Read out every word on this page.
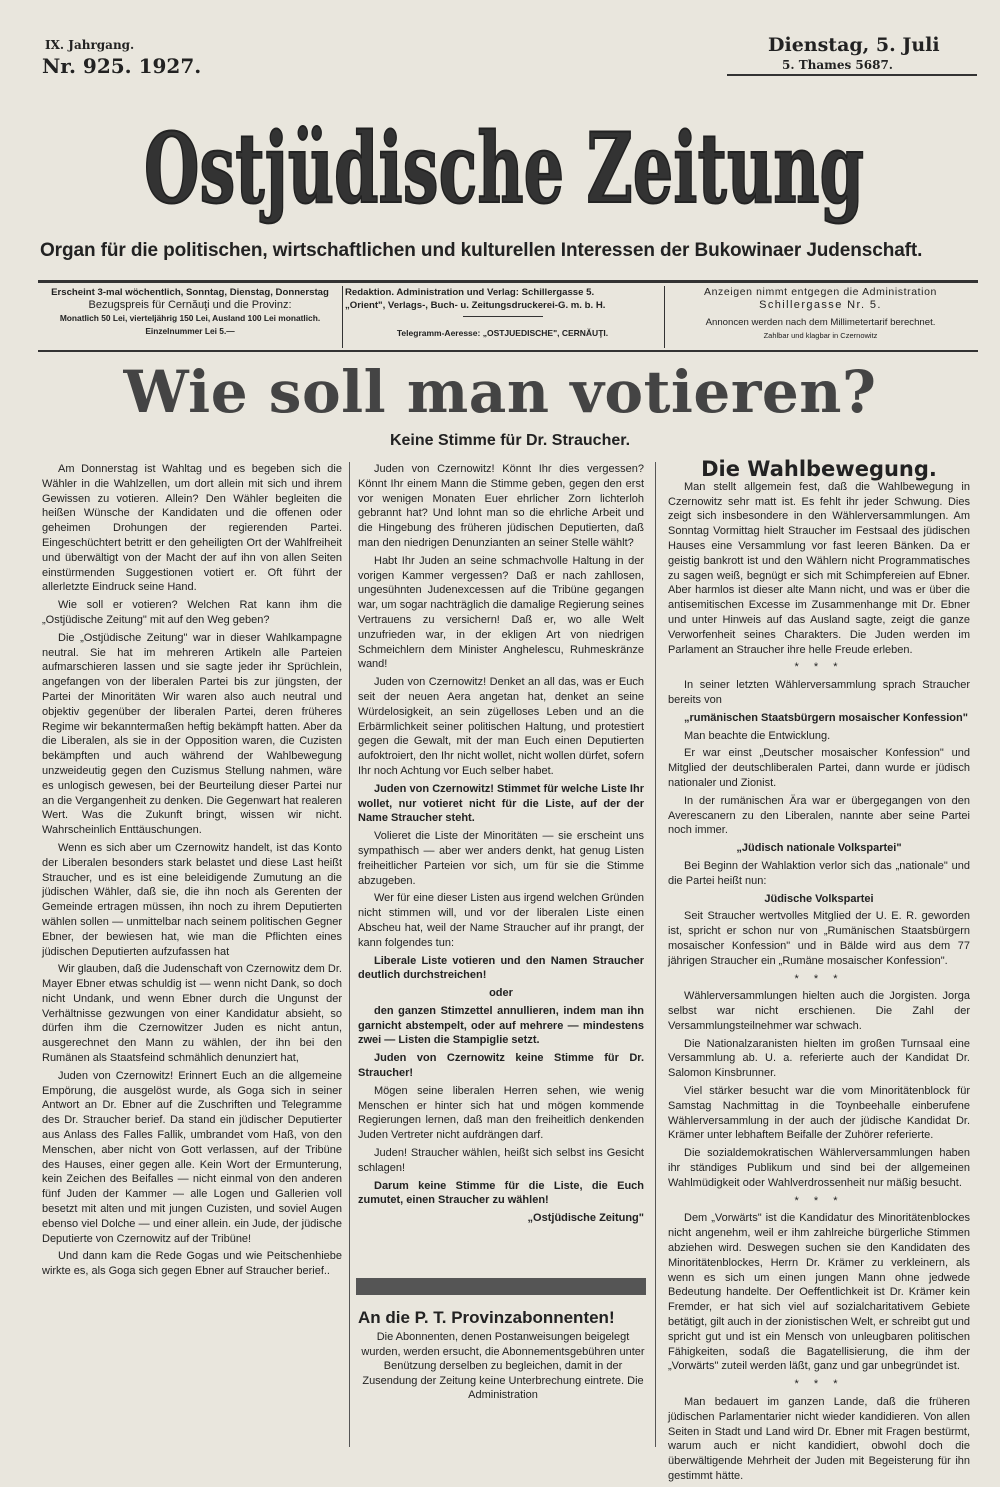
IX. Jahrgang.
Nr. 925. 1927.
Dienstag, 5. Juli
5. Thames 5687.
Ostjüdische Zeitung
Organ für die politischen, wirtschaftlichen und kulturellen Interessen der Bukowinaer Judenschaft.
Erscheint 3-mal wöchentlich, Sonntag, Dienstag, Donnerstag
Bezugspreis für Cernăuţi und die Provinz:
Monatlich 50 Lei, vierteljährig 150 Lei, Ausland 100 Lei monatlich.
Einzelnummer Lei 5.—
Redaktion. Administration und Verlag: Schillergasse 5.
„Orient", Verlags-, Buch- u. Zeitungsdruckerei-G. m. b. H.
Telegramm-Aeresse: „OSTJUEDISCHE", CERNĂUŢI.
Anzeigen nimmt entgegen die Administration
Schillergasse Nr. 5.
Annoncen werden nach dem Millimetertarif berechnet.
Zahlbar und klagbar in Czernowitz
Wie soll man votieren?
Keine Stimme für Dr. Straucher.

Am Donnerstag ist Wahltag und es begeben sich die Wähler in die Wahlzellen, um dort allein mit sich und ihrem Gewissen zu votieren. Allein? Den Wähler begleiten die heißen Wünsche der Kandidaten und die offenen oder geheimen Drohungen der regierenden Partei. Eingeschüchtert betritt er den geheiligten Ort der Wahlfreiheit und überwältigt von der Macht der auf ihn von allen Seiten einstürmenden Suggestionen votiert er. Oft führt der allerletzte Eindruck seine Hand.

Wie soll er votieren? Welchen Rat kann ihm die „Ostjüdische Zeitung" mit auf den Weg geben?

Die „Ostjüdische Zeitung" war in dieser Wahlkampagne neutral. Sie hat im mehreren Artikeln alle Parteien aufmarschieren lassen und sie sagte jeder ihr Sprüchlein, angefangen von der liberalen Partei bis zur jüngsten, der Partei der Minoritäten Wir waren also auch neutral und objektiv gegenüber der liberalen Partei, deren früheres Regime wir bekanntermaßen heftig bekämpft hatten. Aber da die Liberalen, als sie in der Opposition waren, die Cuzisten bekämpften und auch während der Wahlbewegung unzweideutig gegen den Cuzismus Stellung nahmen, wäre es unlogisch gewesen, bei der Beurteilung dieser Partei nur an die Vergangenheit zu denken. Die Gegenwart hat realeren Wert. Was die Zukunft bringt, wissen wir nicht. Wahrscheinlich Enttäuschungen.

Wenn es sich aber um Czernowitz handelt, ist das Konto der Liberalen besonders stark belastet und diese Last heißt Straucher, und es ist eine beleidigende Zumutung an die jüdischen Wähler, daß sie, die ihn noch als Gerenten der Gemeinde ertragen müssen, ihn noch zu ihrem Deputierten wählen sollen — unmittelbar nach seinem politischen Gegner Ebner, der bewiesen hat, wie man die Pflichten eines jüdischen Deputierten aufzufassen hat

Wir glauben, daß die Judenschaft von Czernowitz dem Dr. Mayer Ebner etwas schuldig ist — wenn nicht Dank, so doch nicht Undank, und wenn Ebner durch die Ungunst der Verhältnisse gezwungen von einer Kandidatur absieht, so dürfen ihm die Czernowitzer Juden es nicht antun, ausgerechnet den Mann zu wählen, der ihn bei den Rumänen als Staatsfeind schmählich denunziert hat,

Juden von Czernowitz! Erinnert Euch an die allgemeine Empörung, die ausgelöst wurde, als Goga sich in seiner Antwort an Dr. Ebner auf die Zuschriften und Telegramme des Dr. Straucher berief. Da stand ein jüdischer Deputierter aus Anlass des Falles Fallik, umbrandet vom Haß, von den Menschen, aber nicht von Gott verlassen, auf der Tribüne des Hauses, einer gegen alle. Kein Wort der Ermunterung, kein Zeichen des Beifalles — nicht einmal von den anderen fünf Juden der Kammer — alle Logen und Gallerien voll besetzt mit alten und mit jungen Cuzisten, und soviel Augen ebenso viel Dolche — und einer allein. ein Jude, der jüdische Deputierte von Czernowitz auf der Tribüne!

Und dann kam die Rede Gogas und wie Peitschenhiebe wirkte es, als Goga sich gegen Ebner auf Straucher berief..

Juden von Czernowitz! Könnt Ihr dies vergessen? Könnt Ihr einem Mann die Stimme geben, gegen den erst vor wenigen Monaten Euer ehrlicher Zorn lichterloh gebrannt hat? Und lohnt man so die ehrliche Arbeit und die Hingebung des früheren jüdischen Deputierten, daß man den niedrigen Denunzianten an seiner Stelle wählt?

Habt Ihr Juden an seine schmachvolle Haltung in der vorigen Kammer vergessen? Daß er nach zahllosen, ungesühnten Judenexcessen auf die Tribüne gegangen war, um sogar nachträglich die damalige Regierung seines Vertrauens zu versichern! Daß er, wo alle Welt unzufrieden war, in der ekligen Art von niedrigen Schmeichlern dem Minister Anghelescu, Ruhmeskränze wand!

Juden von Czernowitz! Denket an all das, was er Euch seit der neuen Aera angetan hat, denket an seine Würdelosigkeit, an sein zügelloses Leben und an die Erbärmlichkeit seiner politischen Haltung, und protestiert gegen die Gewalt, mit der man Euch einen Deputierten aufoktroiert, den Ihr nicht wollet, nicht wollen dürfet, sofern Ihr noch Achtung vor Euch selber habet.

Juden von Czernowitz! Stimmet für welche Liste Ihr wollet, nur votieret nicht für die Liste, auf der der Name Straucher steht.

Volieret die Liste der Minoritäten — sie erscheint uns sympathisch — aber wer anders denkt, hat genug Listen freiheitlicher Parteien vor sich, um für sie die Stimme abzugeben.

Wer für eine dieser Listen aus irgend welchen Gründen nicht stimmen will, und vor der liberalen Liste einen Abscheu hat, weil der Name Straucher auf ihr prangt, der kann folgendes tun:

Liberale Liste votieren und den Namen Straucher deutlich durchstreichen!

oder

den ganzen Stimzettel annullieren, indem man ihn garnicht abstempelt, oder auf mehrere — mindestens zwei — Listen die Stampiglie setzt.

Juden von Czernowitz keine Stimme für Dr. Straucher!

Mögen seine liberalen Herren sehen, wie wenig Menschen er hinter sich hat und mögen kommende Regierungen lernen, daß man den freiheitlich denkenden Juden Vertreter nicht aufdrängen darf.

Juden! Straucher wählen, heißt sich selbst ins Gesicht schlagen!

Darum keine Stimme für die Liste, die Euch zumutet, einen Straucher zu wählen!

„Ostjüdische Zeitung"

An die P. T. Provinzabonnenten!
Die Abonnenten, denen Postanweisungen beigelegt wurden, werden ersucht, die Abonnementsgebühren unter Benützung derselben zu begleichen, damit in der Zusendung der Zeitung keine Unterbrechung eintrete. Die Administration

Die Wahlbewegung.

Man stellt allgemein fest, daß die Wahlbewegung in Czernowitz sehr matt ist. Es fehlt ihr jeder Schwung. Dies zeigt sich insbesondere in den Wählerversammlungen. Am Sonntag Vormittag hielt Straucher im Festsaal des jüdischen Hauses eine Versammlung vor fast leeren Bänken. Da er geistig bankrott ist und den Wählern nicht Programmatisches zu sagen weiß, begnügt er sich mit Schimpfereien auf Ebner. Aber harmlos ist dieser alte Mann nicht, und was er über die antisemitischen Excesse im Zusammenhange mit Dr. Ebner und unter Hinweis auf das Ausland sagte, zeigt die ganze Verworfenheit seines Charakters. Die Juden werden im Parlament an Straucher ihre helle Freude erleben.

* * *

In seiner letzten Wählerversammlung sprach Straucher bereits von

„rumänischen Staatsbürgern mosaischer Konfession"

Man beachte die Entwicklung.

Er war einst „Deutscher mosaischer Konfession" und Mitglied der deutschliberalen Partei, dann wurde er jüdisch nationaler und Zionist.

In der rumänischen Ära war er übergegangen von den Averescanern zu den Liberalen, nannte aber seine Partei noch immer.

„Jüdisch nationale Volkspartei"

Bei Beginn der Wahlaktion verlor sich das „nationale" und die Partei heißt nun:

Jüdische Volkspartei

Seit Straucher wertvolles Mitglied der U. E. R. geworden ist, spricht er schon nur von „Rumänischen Staatsbürgern mosaischer Konfession" und in Bälde wird aus dem 77 jährigen Straucher ein „Rumäne mosaischer Konfession".

* * *

Wählerversammlungen hielten auch die Jorgisten. Jorga selbst war nicht erschienen. Die Zahl der Versammlungsteilnehmer war schwach.

Die Nationalzaranisten hielten im großen Turnsaal eine Versammlung ab. U. a. referierte auch der Kandidat Dr. Salomon Kinsbrunner.

Viel stärker besucht war die vom Minoritätenblock für Samstag Nachmittag in die Toynbeehalle einberufene Wählerversammlung in der auch der jüdische Kandidat Dr. Krämer unter lebhaftem Beifalle der Zuhörer referierte.

Die sozialdemokratischen Wählerversammlungen haben ihr ständiges Publikum und sind bei der allgemeinen Wahlmüdigkeit oder Wahlverdrossenheit nur mäßig besucht.

* * *

Dem „Vorwärts" ist die Kandidatur des Minoritätenblockes nicht angenehm, weil er ihm zahlreiche bürgerliche Stimmen abziehen wird. Deswegen suchen sie den Kandidaten des Minoritätenblockes, Herrn Dr. Krämer zu verkleinern, als wenn es sich um einen jungen Mann ohne jedwede Bedeutung handelte. Der Oeffentlichkeit ist Dr. Krämer kein Fremder, er hat sich viel auf sozialcharitativem Gebiete betätigt, gilt auch in der zionistischen Welt, er schreibt gut und spricht gut und ist ein Mensch von unleugbaren politischen Fähigkeiten, sodaß die Bagatellisierung, die ihm der „Vorwärts" zuteil werden läßt, ganz und gar unbegründet ist.

* * *

Man bedauert im ganzen Lande, daß die früheren jüdischen Parlamentarier nicht wieder kandidieren. Von allen Seiten in Stadt und Land wird Dr. Ebner mit Fragen bestürmt, warum auch er nicht kandidiert, obwohl doch die überwältigende Mehrheit der Juden mit Begeisterung für ihn gestimmt hätte.
